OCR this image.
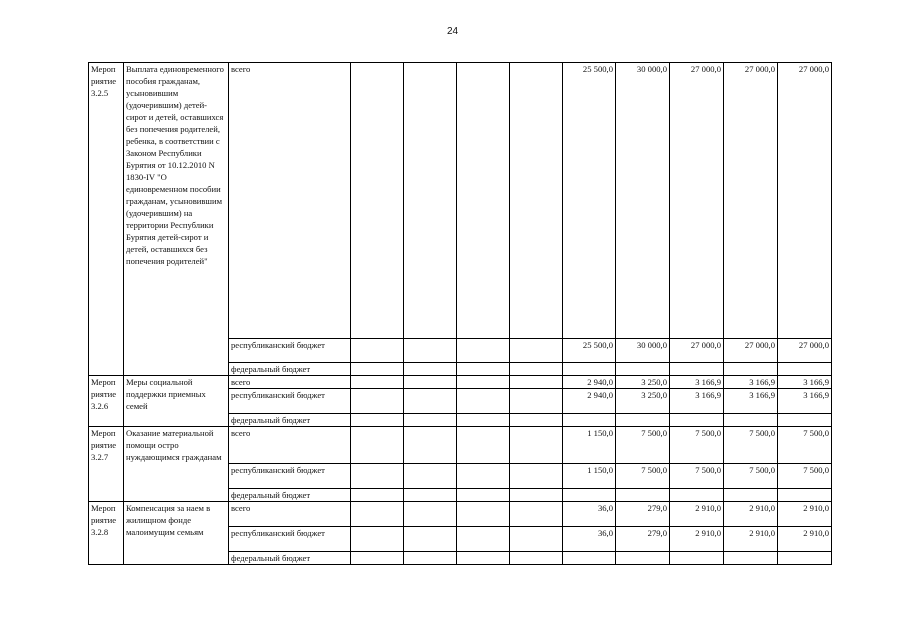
24
Мероп риятие 3.2.5	Выплата единовременного пособия гражданам, усыновившим (удочерившим) детей-сирот и детей, оставшихся без попечения родителей, ребенка, в соответствии с Законом Республики Бурятия от 10.12.2010 N 1830-IV "О единовременном пособии гражданам, усыновившим (удочерившим) на территории Республики Бурятия детей-сирот и детей, оставшихся без попечения родителей"	всего					25 500,0	30 000,0	27 000,0	27 000,0	27 000,0
		республиканский бюджет					25 500,0	30 000,0	27 000,0	27 000,0	27 000,0
		федеральный бюджет									
Мероп риятие 3.2.6	Меры социальной поддержки приемных семей	всего					2 940,0	3 250,0	3 166,9	3 166,9	3 166,9
		республиканский бюджет					2 940,0	3 250,0	3 166,9	3 166,9	3 166,9
		федеральный бюджет									
Мероп риятие 3.2.7	Оказание материальной помощи остро нуждающимся гражданам	всего					1 150,0	7 500,0	7 500,0	7 500,0	7 500,0
		республиканский бюджет					1 150,0	7 500,0	7 500,0	7 500,0	7 500,0
		федеральный бюджет									
Мероп риятие 3.2.8	Компенсация за наем в жилищном фонде малоимущим семьям	всего					36,0	279,0	2 910,0	2 910,0	2 910,0
		республиканский бюджет					36,0	279,0	2 910,0	2 910,0	2 910,0
		федеральный бюджет									
